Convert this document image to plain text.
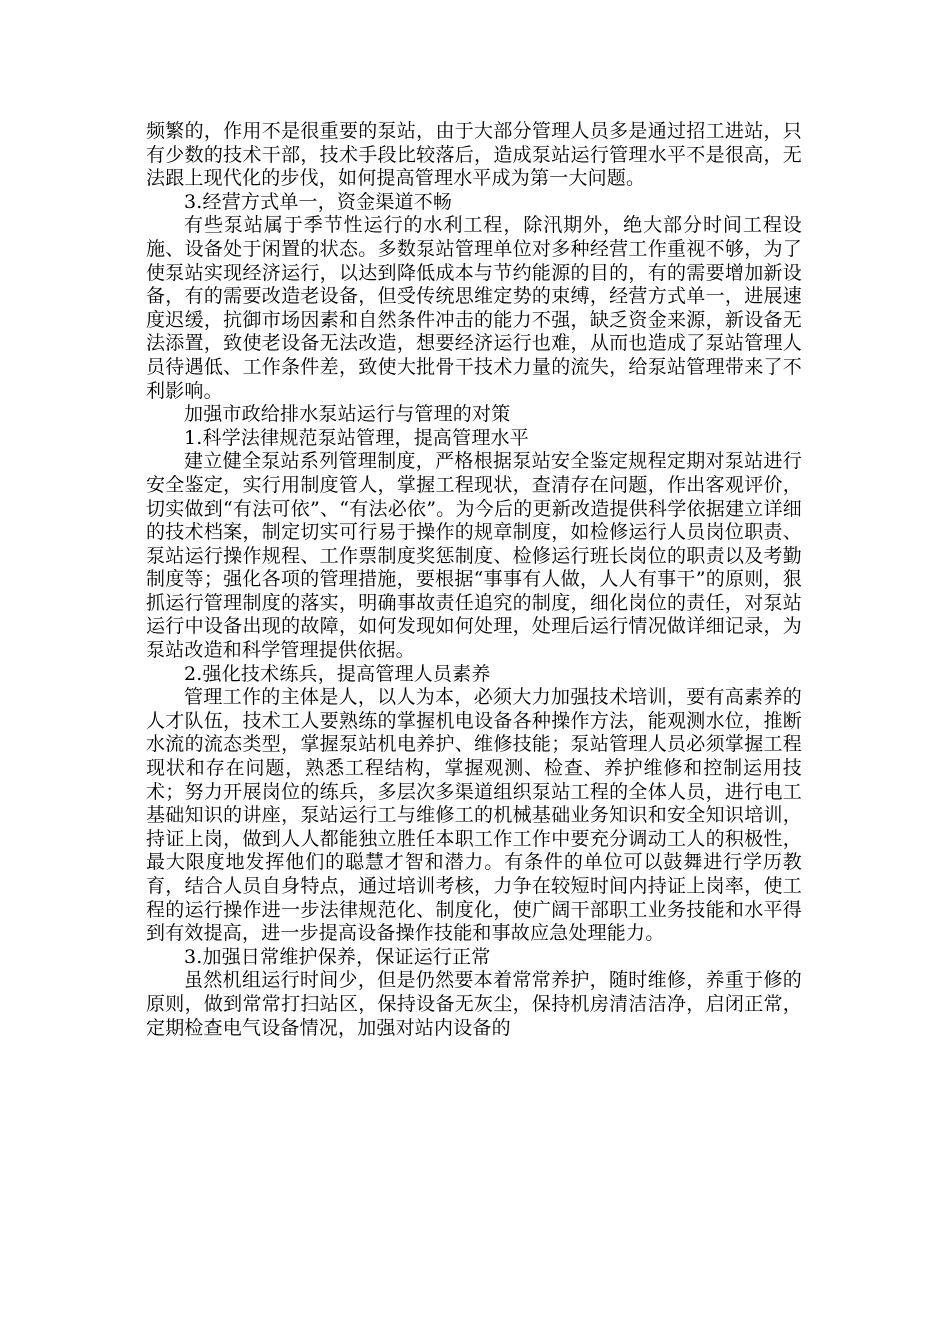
频繁的，作用不是很重要的泵站，由于大部分管理人员多是通过招工进站，只有少数的技术干部，技术手段比较落后，造成泵站运行管理水平不是很高，无法跟上现代化的步伐，如何提高管理水平成为第一大问题。

3.经营方式单一，资金渠道不畅

有些泵站属于季节性运行的水利工程，除汛期外，绝大部分时间工程设施、设备处于闲置的状态。多数泵站管理单位对多种经营工作重视不够，为了使泵站实现经济运行，以达到降低成本与节约能源的目的，有的需要增加新设备，有的需要改造老设备，但受传统思维定势的束缚，经营方式单一，进展速度迟缓，抗御市场因素和自然条件冲击的能力不强，缺乏资金来源，新设备无法添置，致使老设备无法改造，想要经济运行也难，从而也造成了泵站管理人员待遇低、工作条件差，致使大批骨干技术力量的流失，给泵站管理带来了不利影响。

加强市政给排水泵站运行与管理的对策

1.科学法律规范泵站管理，提高管理水平

建立健全泵站系列管理制度，严格根据泵站安全鉴定规程定期对泵站进行安全鉴定，实行用制度管人，掌握工程现状，查清存在问题，作出客观评价，切实做到“有法可依”、“有法必依”。为今后的更新改造提供科学依据建立详细的技术档案，制定切实可行易于操作的规章制度，如检修运行人员岗位职责、泵站运行操作规程、工作票制度奖惩制度、检修运行班长岗位的职责以及考勤制度等；强化各项的管理措施，要根据“事事有人做，人人有事干”的原则，狠抓运行管理制度的落实，明确事故责任追究的制度，细化岗位的责任，对泵站运行中设备出现的故障，如何发现如何处理，处理后运行情况做详细记录，为泵站改造和科学管理提供依据。

2.强化技术练兵，提高管理人员素养

管理工作的主体是人，以人为本，必须大力加强技术培训，要有高素养的人才队伍，技术工人要熟练的掌握机电设备各种操作方法，能观测水位，推断水流的流态类型，掌握泵站机电养护、维修技能；泵站管理人员必须掌握工程现状和存在问题，熟悉工程结构，掌握观测、检查、养护维修和控制运用技术；努力开展岗位的练兵，多层次多渠道组织泵站工程的全体人员，进行电工基础知识的讲座，泵站运行工与维修工的机械基础业务知识和安全知识培训，持证上岗，做到人人都能独立胜任本职工作工作中要充分调动工人的积极性，最大限度地发挥他们的聪慧才智和潜力。有条件的单位可以鼓舞进行学历教育，结合人员自身特点，通过培训考核，力争在较短时间内持证上岗率，使工程的运行操作进一步法律规范化、制度化，使广阔干部职工业务技能和水平得到有效提高，进一步提高设备操作技能和事故应急处理能力。

3.加强日常维护保养，保证运行正常

虽然机组运行时间少，但是仍然要本着常常养护，随时维修，养重于修的原则，做到常常打扫站区，保持设备无灰尘，保持机房清洁洁净，启闭正常，定期检查电气设备情况，加强对站内设备的
